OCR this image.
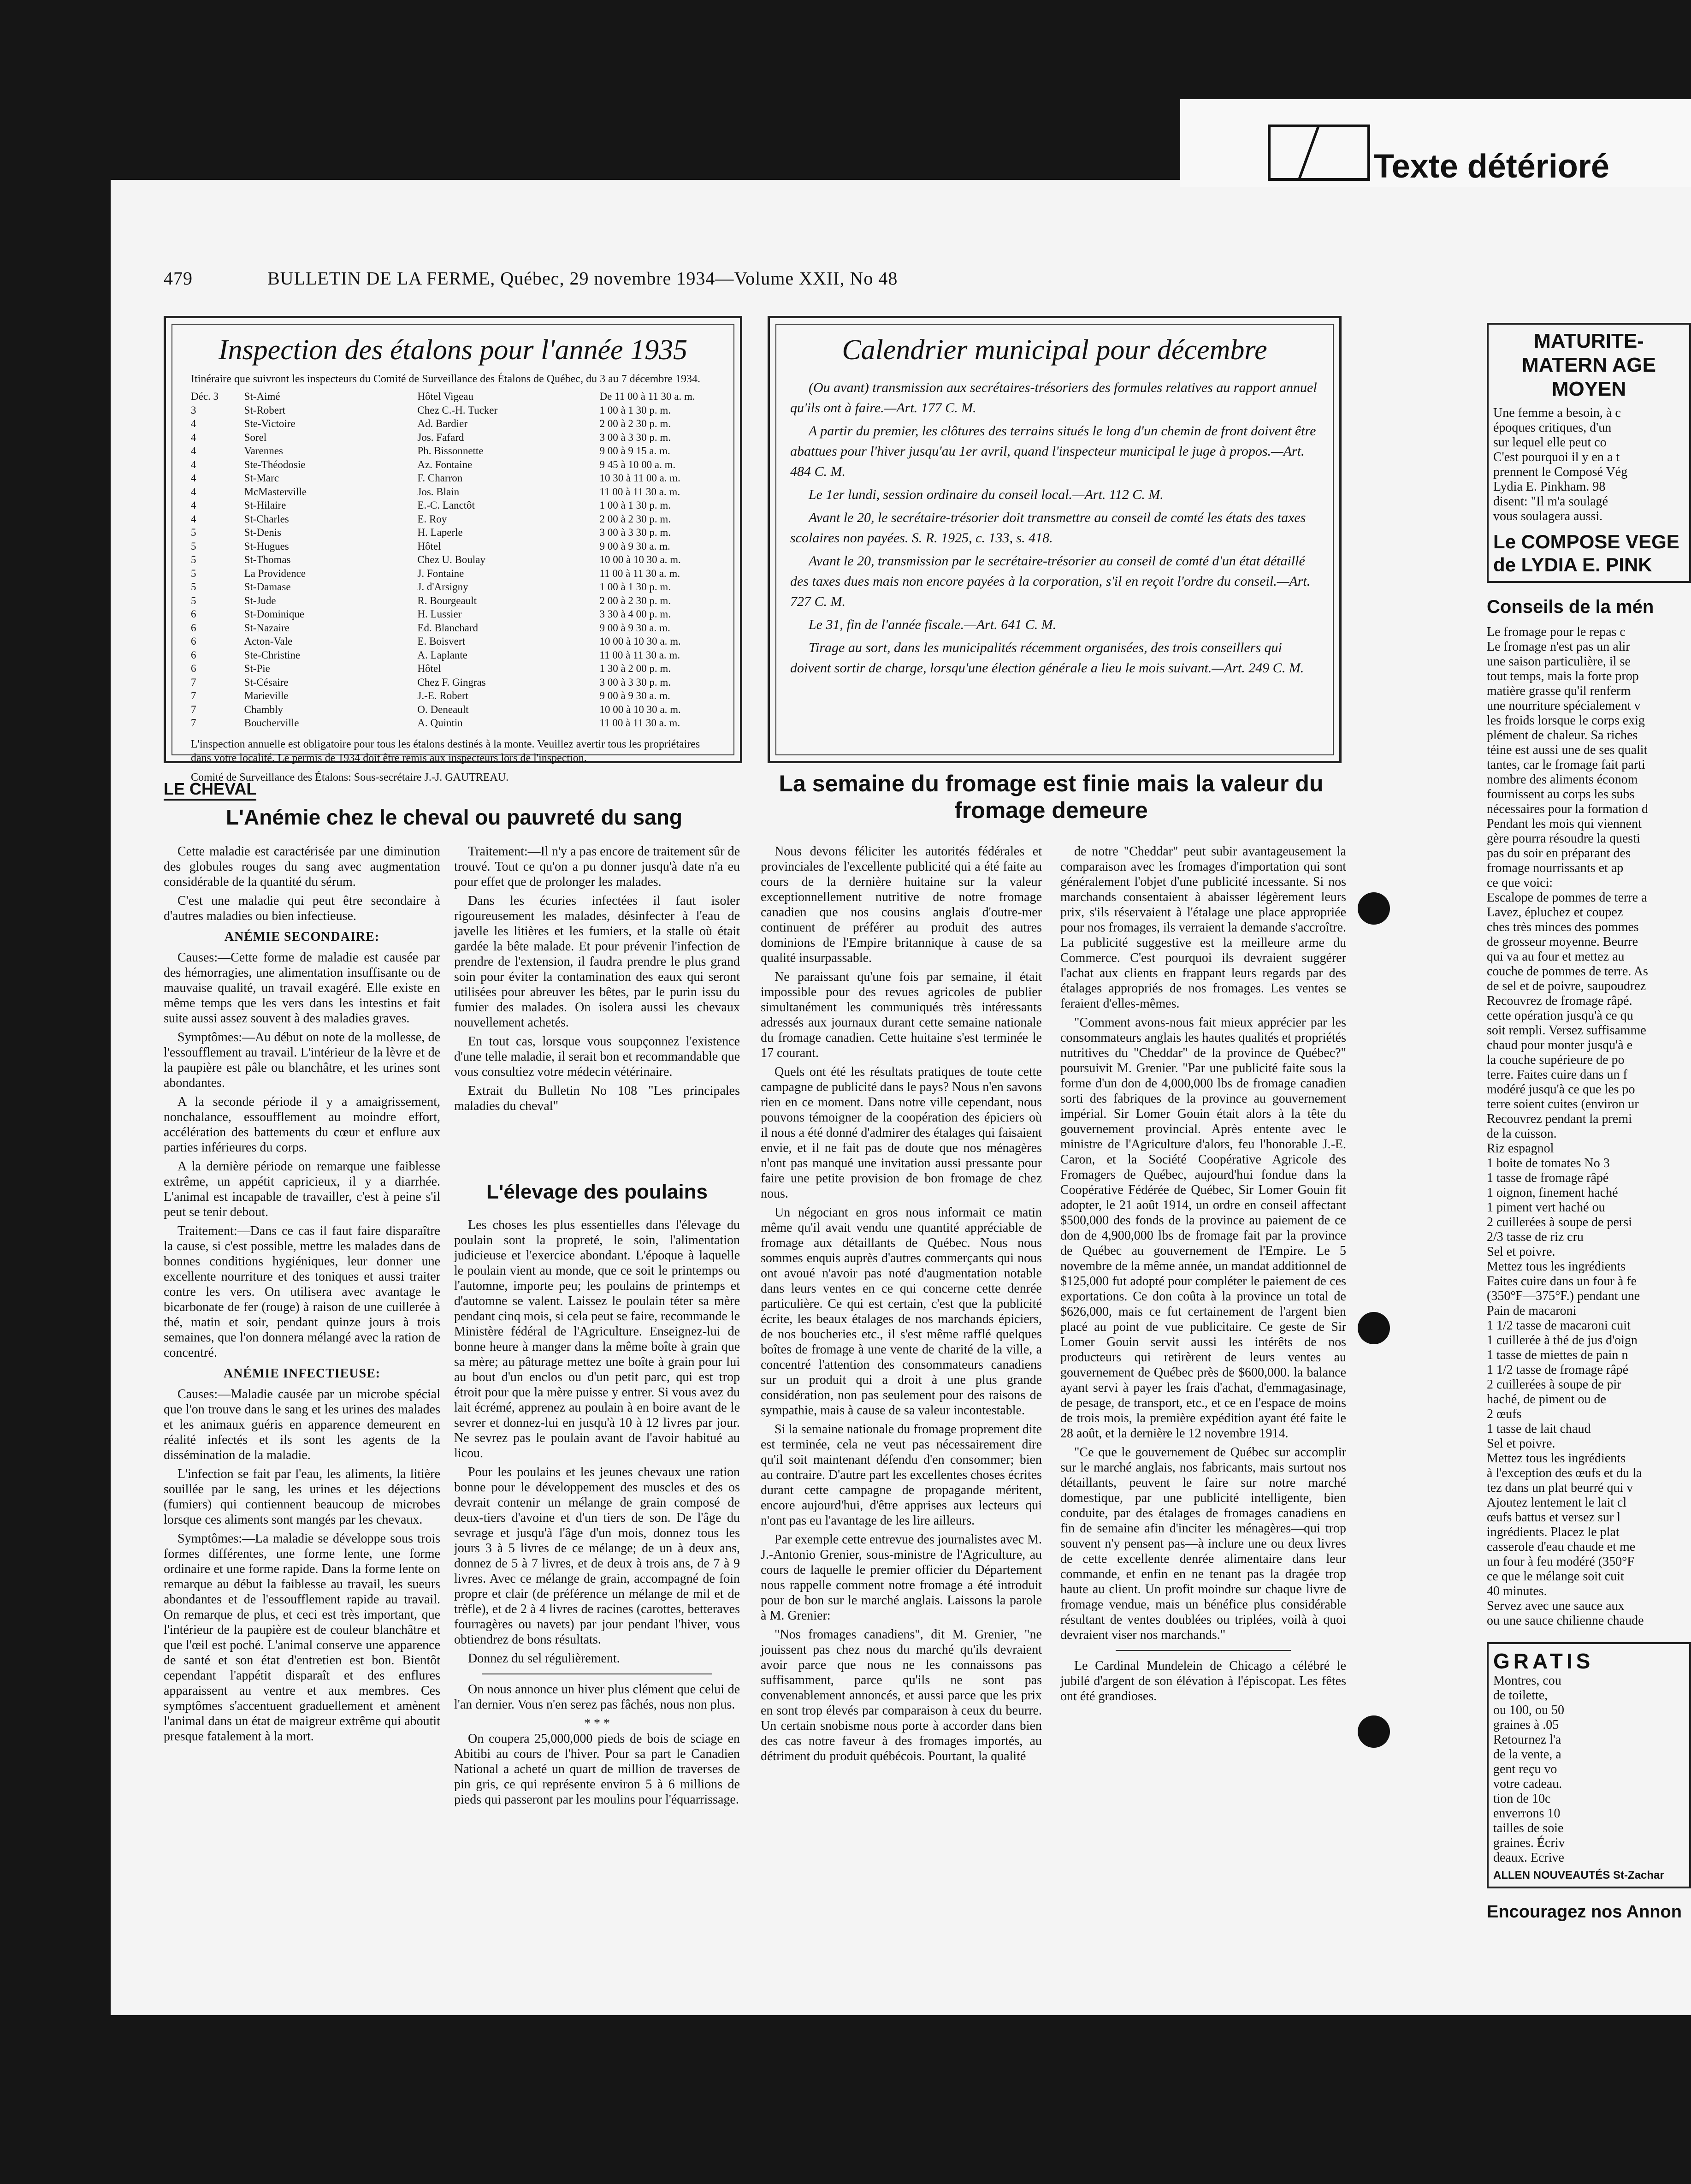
Texte détérioré
479	BULLETIN DE LA FERME, Québec, 29 novembre 1934—Volume XXII, No 48
Inspection des étalons pour l'année 1935
Itinéraire que suivront les inspecteurs du Comité de Surveillance des Étalons de Québec, du 3 au 7 décembre 1934.
Déc. 3	St-Aimé	Hôtel Vigeau	De 11 00 à 11 30 a. m.
3	St-Robert	Chez C.-H. Tucker	1 00 à 1 30 p. m.
4	Ste-Victoire	Ad. Bardier	2 00 à 2 30 p. m.
4	Sorel	Jos. Fafard	3 00 à 3 30 p. m.
4	Varennes	Ph. Bissonnette	9 00 à 9 15 a. m.
4	Ste-Théodosie	Az. Fontaine	9 45 à 10 00 a. m.
4	St-Marc	F. Charron	10 30 à 11 00 a. m.
4	McMasterville	Jos. Blain	11 00 à 11 30 a. m.
4	St-Hilaire	E.-C. Lanctôt	1 00 à 1 30 p. m.
4	St-Charles	E. Roy	2 00 à 2 30 p. m.
5	St-Denis	H. Laperle	3 00 à 3 30 p. m.
5	St-Hugues	Hôtel	9 00 à 9 30 a. m.
5	St-Thomas	Chez U. Boulay	10 00 à 10 30 a. m.
5	La Providence	J. Fontaine	11 00 à 11 30 a. m.
5	St-Damase	J. d'Arsigny	1 00 à 1 30 p. m.
5	St-Jude	R. Bourgeault	2 00 à 2 30 p. m.
6	St-Dominique	H. Lussier	3 30 à 4 00 p. m.
6	St-Nazaire	Ed. Blanchard	9 00 à 9 30 a. m.
6	Acton-Vale	E. Boisvert	10 00 à 10 30 a. m.
6	Ste-Christine	A. Laplante	11 00 à 11 30 a. m.
6	St-Pie	Hôtel	1 30 à 2 00 p. m.
7	St-Césaire	Chez F. Gingras	3 00 à 3 30 p. m.
7	Marieville	J.-E. Robert	9 00 à 9 30 a. m.
7	Chambly	O. Deneault	10 00 à 10 30 a. m.
7	Boucherville	A. Quintin	11 00 à 11 30 a. m.
L'inspection annuelle est obligatoire pour tous les étalons destinés à la monte. Veuillez avertir tous les propriétaires dans votre localité. Le permis de 1934 doit être remis aux inspecteurs lors de l'inspection.
Comité de Surveillance des Étalons: Sous-secrétaire J.-J. GAUTREAU.
Calendrier municipal pour décembre

(Ou avant) transmission aux secrétaires-trésoriers des formules relatives au rapport annuel qu'ils ont à faire.—Art. 177 C. M.

A partir du premier, les clôtures des terrains situés le long d'un chemin de front doivent être abattues pour l'hiver jusqu'au 1er avril, quand l'inspecteur municipal le juge à propos.—Art. 484 C. M.

Le 1er lundi, session ordinaire du conseil local.—Art. 112 C. M.

Avant le 20, le secrétaire-trésorier doit transmettre au conseil de comté les états des taxes scolaires non payées. S. R. 1925, c. 133, s. 418.

Avant le 20, transmission par le secrétaire-trésorier au conseil de comté d'un état détaillé des taxes dues mais non encore payées à la corporation, s'il en reçoit l'ordre du conseil.—Art. 727 C. M.

Le 31, fin de l'année fiscale.—Art. 641 C. M.

Tirage au sort, dans les municipalités récemment organisées, des trois conseillers qui doivent sortir de charge, lorsqu'une élection générale a lieu le mois suivant.—Art. 249 C. M.

LE CHEVAL
L'Anémie chez le cheval ou pauvreté du sang

Cette maladie est caractérisée par une diminution des globules rouges du sang avec augmentation considérable de la quantité du sérum.

C'est une maladie qui peut être secondaire à d'autres maladies ou bien infectieuse.

ANÉMIE SECONDAIRE:

Causes:—Cette forme de maladie est causée par des hémorragies, une alimentation insuffisante ou de mauvaise qualité, un travail exagéré. Elle existe en même temps que les vers dans les intestins et fait suite aussi assez souvent à des maladies graves.

Symptômes:—Au début on note de la mollesse, de l'essoufflement au travail. L'intérieur de la lèvre et de la paupière est pâle ou blanchâtre, et les urines sont abondantes.

A la seconde période il y a amaigrissement, nonchalance, essoufflement au moindre effort, accélération des battements du cœur et enflure aux parties inférieures du corps.

A la dernière période on remarque une faiblesse extrême, un appétit capricieux, il y a diarrhée. L'animal est incapable de travailler, c'est à peine s'il peut se tenir debout.

Traitement:—Dans ce cas il faut faire disparaître la cause, si c'est possible, mettre les malades dans de bonnes conditions hygiéniques, leur donner une excellente nourriture et des toniques et aussi traiter contre les vers. On utilisera avec avantage le bicarbonate de fer (rouge) à raison de une cuillerée à thé, matin et soir, pendant quinze jours à trois semaines, que l'on donnera mélangé avec la ration de concentré.

ANÉMIE INFECTIEUSE:

Causes:—Maladie causée par un microbe spécial que l'on trouve dans le sang et les urines des malades et les animaux guéris en apparence demeurent en réalité infectés et ils sont les agents de la dissémination de la maladie.

L'infection se fait par l'eau, les aliments, la litière souillée par le sang, les urines et les déjections (fumiers) qui contiennent beaucoup de microbes lorsque ces aliments sont mangés par les chevaux.

Symptômes:—La maladie se développe sous trois formes différentes, une forme lente, une forme ordinaire et une forme rapide. Dans la forme lente on remarque au début la faiblesse au travail, les sueurs abondantes et de l'essoufflement rapide au travail. On remarque de plus, et ceci est très important, que l'intérieur de la paupière est de couleur blanchâtre et que l'œil est poché. L'animal conserve une apparence de santé et son état d'entretien est bon. Bientôt cependant l'appétit disparaît et des enflures apparaissent au ventre et aux membres. Ces symptômes s'accentuent graduellement et amènent l'animal dans un état de maigreur extrême qui aboutit presque fatalement à la mort.

Traitement:—Il n'y a pas encore de traitement sûr de trouvé. Tout ce qu'on a pu donner jusqu'à date n'a eu pour effet que de prolonger les malades.

Dans les écuries infectées il faut isoler rigoureusement les malades, désinfecter à l'eau de javelle les litières et les fumiers, et la stalle où était gardée la bête malade. Et pour prévenir l'infection de prendre de l'extension, il faudra prendre le plus grand soin pour éviter la contamination des eaux qui seront utilisées pour abreuver les bêtes, par le purin issu du fumier des malades. On isolera aussi les chevaux nouvellement achetés.

En tout cas, lorsque vous soupçonnez l'existence d'une telle maladie, il serait bon et recommandable que vous consultiez votre médecin vétérinaire.

Extrait du Bulletin No 108 "Les principales maladies du cheval"

L'élevage des poulains

Les choses les plus essentielles dans l'élevage du poulain sont la propreté, le soin, l'alimentation judicieuse et l'exercice abondant. L'époque à laquelle le poulain vient au monde, que ce soit le printemps ou l'automne, importe peu; les poulains de printemps et d'automne se valent. Laissez le poulain téter sa mère pendant cinq mois, si cela peut se faire, recommande le Ministère fédéral de l'Agriculture. Enseignez-lui de bonne heure à manger dans la même boîte à grain que sa mère; au pâturage mettez une boîte à grain pour lui au bout d'un enclos ou d'un petit parc, qui est trop étroit pour que la mère puisse y entrer. Si vous avez du lait écrémé, apprenez au poulain à en boire avant de le sevrer et donnez-lui en jusqu'à 10 à 12 livres par jour. Ne sevrez pas le poulain avant de l'avoir habitué au licou.

Pour les poulains et les jeunes chevaux une ration bonne pour le développement des muscles et des os devrait contenir un mélange de grain composé de deux-tiers d'avoine et d'un tiers de son. De l'âge du sevrage et jusqu'à l'âge d'un mois, donnez tous les jours 3 à 5 livres de ce mélange; de un à deux ans, donnez de 5 à 7 livres, et de deux à trois ans, de 7 à 9 livres. Avec ce mélange de grain, accompagné de foin propre et clair (de préférence un mélange de mil et de trèfle), et de 2 à 4 livres de racines (carottes, betteraves fourragères ou navets) par jour pendant l'hiver, vous obtiendrez de bons résultats.

Donnez du sel régulièrement.

On nous annonce un hiver plus clément que celui de l'an dernier. Vous n'en serez pas fâchés, nous non plus.

* * *

On coupera 25,000,000 pieds de bois de sciage en Abitibi au cours de l'hiver. Pour sa part le Canadien National a acheté un quart de million de traverses de pin gris, ce qui représente environ 5 à 6 millions de pieds qui passeront par les moulins pour l'équarrissage.

La semaine du fromage est finie mais la valeur du fromage demeure

Nous devons féliciter les autorités fédérales et provinciales de l'excellente publicité qui a été faite au cours de la dernière huitaine sur la valeur exceptionnellement nutritive de notre fromage canadien que nos cousins anglais d'outre-mer continuent de préférer au produit des autres dominions de l'Empire britannique à cause de sa qualité insurpassable.

Ne paraissant qu'une fois par semaine, il était impossible pour des revues agricoles de publier simultanément les communiqués très intéressants adressés aux journaux durant cette semaine nationale du fromage canadien. Cette huitaine s'est terminée le 17 courant.

Quels ont été les résultats pratiques de toute cette campagne de publicité dans le pays? Nous n'en savons rien en ce moment. Dans notre ville cependant, nous pouvons témoigner de la coopération des épiciers où il nous a été donné d'admirer des étalages qui faisaient envie, et il ne fait pas de doute que nos ménagères n'ont pas manqué une invitation aussi pressante pour faire une petite provision de bon fromage de chez nous.

Un négociant en gros nous informait ce matin même qu'il avait vendu une quantité appréciable de fromage aux détaillants de Québec. Nous nous sommes enquis auprès d'autres commerçants qui nous ont avoué n'avoir pas noté d'augmentation notable dans leurs ventes en ce qui concerne cette denrée particulière. Ce qui est certain, c'est que la publicité écrite, les beaux étalages de nos marchands épiciers, de nos boucheries etc., il s'est même rafflé quelques boîtes de fromage à une vente de charité de la ville, a concentré l'attention des consommateurs canadiens sur un produit qui a droit à une plus grande considération, non pas seulement pour des raisons de sympathie, mais à cause de sa valeur incontestable.

Si la semaine nationale du fromage proprement dite est terminée, cela ne veut pas nécessairement dire qu'il soit maintenant défendu d'en consommer; bien au contraire. D'autre part les excellentes choses écrites durant cette campagne de propagande méritent, encore aujourd'hui, d'être apprises aux lecteurs qui n'ont pas eu l'avantage de les lire ailleurs.

Par exemple cette entrevue des journalistes avec M. J.-Antonio Grenier, sous-ministre de l'Agriculture, au cours de laquelle le premier officier du Département nous rappelle comment notre fromage a été introduit pour de bon sur le marché anglais. Laissons la parole à M. Grenier:

"Nos fromages canadiens", dit M. Grenier, "ne jouissent pas chez nous du marché qu'ils devraient avoir parce que nous ne les connaissons pas suffisamment, parce qu'ils ne sont pas convenablement annoncés, et aussi parce que les prix en sont trop élevés par comparaison à ceux du beurre. Un certain snobisme nous porte à accorder dans bien des cas notre faveur à des fromages importés, au détriment du produit québécois. Pourtant, la qualité

de notre "Cheddar" peut subir avantageusement la comparaison avec les fromages d'importation qui sont généralement l'objet d'une publicité incessante. Si nos marchands consentaient à abaisser légèrement leurs prix, s'ils réservaient à l'étalage une place appropriée pour nos fromages, ils verraient la demande s'accroître. La publicité suggestive est la meilleure arme du Commerce. C'est pourquoi ils devraient suggérer l'achat aux clients en frappant leurs regards par des étalages appropriés de nos fromages. Les ventes se feraient d'elles-mêmes.

"Comment avons-nous fait mieux apprécier par les consommateurs anglais les hautes qualités et propriétés nutritives du "Cheddar" de la province de Québec?" poursuivit M. Grenier. "Par une publicité faite sous la forme d'un don de 4,000,000 lbs de fromage canadien sorti des fabriques de la province au gouvernement impérial. Sir Lomer Gouin était alors à la tête du gouvernement provincial. Après entente avec le ministre de l'Agriculture d'alors, feu l'honorable J.-E. Caron, et la Société Coopérative Agricole des Fromagers de Québec, aujourd'hui fondue dans la Coopérative Fédérée de Québec, Sir Lomer Gouin fit adopter, le 21 août 1914, un ordre en conseil affectant $500,000 des fonds de la province au paiement de ce don de 4,900,000 lbs de fromage fait par la province de Québec au gouvernement de l'Empire. Le 5 novembre de la même année, un mandat additionnel de $125,000 fut adopté pour compléter le paiement de ces exportations. Ce don coûta à la province un total de $626,000, mais ce fut certainement de l'argent bien placé au point de vue publicitaire. Ce geste de Sir Lomer Gouin servit aussi les intérêts de nos producteurs qui retirèrent de leurs ventes au gouvernement de Québec près de $600,000. la balance ayant servi à payer les frais d'achat, d'emmagasinage, de pesage, de transport, etc., et ce en l'espace de moins de trois mois, la première expédition ayant été faite le 28 août, et la dernière le 12 novembre 1914.

"Ce que le gouvernement de Québec sur accomplir sur le marché anglais, nos fabricants, mais surtout nos détaillants, peuvent le faire sur notre marché domestique, par une publicité intelligente, bien conduite, par des étalages de fromages canadiens en fin de semaine afin d'inciter les ménagères—qui trop souvent n'y pensent pas—à inclure une ou deux livres de cette excellente denrée alimentaire dans leur commande, et enfin en ne tenant pas la dragée trop haute au client. Un profit moindre sur chaque livre de fromage vendue, mais un bénéfice plus considérable résultant de ventes doublées ou triplées, voilà à quoi devraient viser nos marchands."

Le Cardinal Mundelein de Chicago a célébré le jubilé d'argent de son élévation à l'épiscopat. Les fêtes ont été grandioses.

MATURITE-MATERN AGE MOYEN
Une femme a besoin, à c
époques critiques, d'un
sur lequel elle peut co
C'est pourquoi il y en a t
prennent le Composé Vég
Lydia E. Pinkham. 98
disent: "Il m'a soulagé
vous soulagera aussi.
Le COMPOSE VEGE de LYDIA E. PINK
Conseils de la mén
Le fromage pour le repas c
Le fromage n'est pas un alir
une saison particulière, il se
tout temps, mais la forte prop
matière grasse qu'il renferm
une nourriture spécialement v
les froids lorsque le corps exig
plément de chaleur. Sa riches
téine est aussi une de ses qualit
tantes, car le fromage fait parti
nombre des aliments économ
fournissent au corps les subs
nécessaires pour la formation d
Pendant les mois qui viennent
gère pourra résoudre la questi
pas du soir en préparant des
fromage nourrissants et ap
ce que voici:
Escalope de pommes de terre a
Lavez, épluchez et coupez
ches très minces des pommes
de grosseur moyenne. Beurre
qui va au four et mettez au
couche de pommes de terre. As
de sel et de poivre, saupoudrez
Recouvrez de fromage râpé.
cette opération jusqu'à ce qu
soit rempli. Versez suffisamme
chaud pour monter jusqu'à e
la couche supérieure de po
terre. Faites cuire dans un f
modéré jusqu'à ce que les po
terre soient cuites (environ ur
Recouvrez pendant la premi
de la cuisson.
Riz espagnol
1 boite de tomates No 3
1 tasse de fromage râpé
1 oignon, finement haché
1 piment vert haché ou
2 cuillerées à soupe de persi
2/3 tasse de riz cru
Sel et poivre.
Mettez tous les ingrédients
Faites cuire dans un four à fe
(350°F—375°F.) pendant une
Pain de macaroni
1 1/2 tasse de macaroni cuit
1 cuillerée à thé de jus d'oign
1 tasse de miettes de pain n
1 1/2 tasse de fromage râpé
2 cuillerées à soupe de pir
haché, de piment ou de
2 œufs
1 tasse de lait chaud
Sel et poivre.
Mettez tous les ingrédients
à l'exception des œufs et du la
tez dans un plat beurré qui v
Ajoutez lentement le lait cl
œufs battus et versez sur l
ingrédients. Placez le plat
casserole d'eau chaude et me
un four à feu modéré (350°F
ce que le mélange soit cuit
40 minutes.
Servez avec une sauce aux
ou une sauce chilienne chaude
GRATIS
Montres, cou
de toilette,
ou 100, ou 50
graines à .05
Retournez l'a
de la vente, a
gent reçu vo
votre cadeau.
tion de 10c
enverrons 10
tailles de soie
graines. Écriv
deaux. Ecrive
ALLEN NOUVEAUTÉS St-Zachar
Encouragez nos Annon
